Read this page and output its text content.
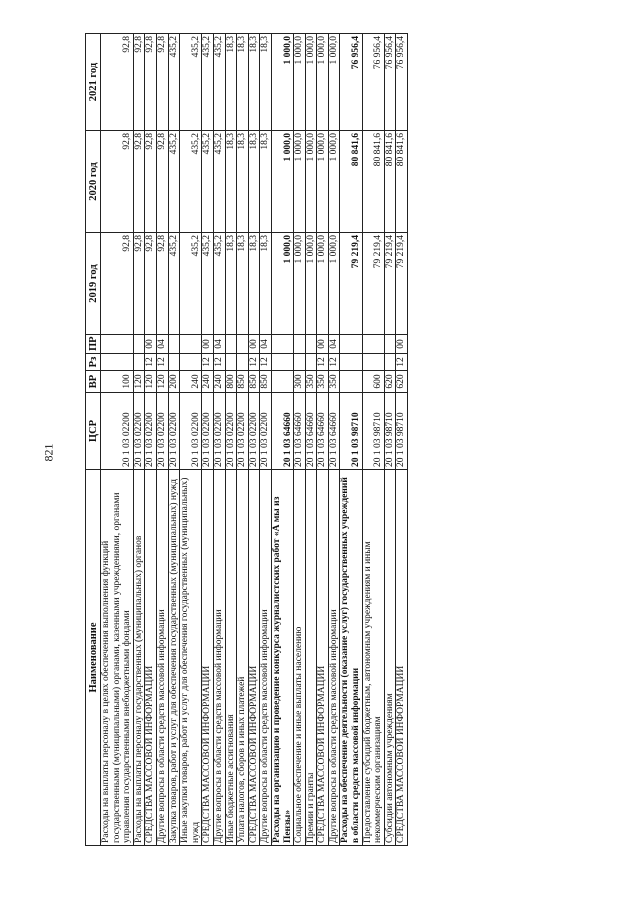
821
Наименование	ЦСР	ВР	Рз	ПР	2019 год	2020 год	2021 год
Расходы на выплаты персоналу в целях обеспечения выполнения функций государственными (муниципальными) органами, казенными учреждениями, органами управления государственными внебюджетными фондами	20 1 03 02200	100			92,8	92,8	92,8
Расходы на выплаты персоналу государственных (муниципальных) органов	20 1 03 02200	120			92,8	92,8	92,8
СРЕДСТВА МАССОВОЙ ИНФОРМАЦИИ	20 1 03 02200	120	12	00	92,8	92,8	92,8
Другие вопросы в области средств массовой информации	20 1 03 02200	120	12	04	92,8	92,8	92,8
Закупка товаров, работ и услуг для обеспечения государственных (муниципальных) нужд	20 1 03 02200	200			435,2	435,2	435,2
Иные закупки товаров, работ и услуг для обеспечения государственных (муниципальных) нужд	20 1 03 02200	240			435,2	435,2	435,2
СРЕДСТВА МАССОВОЙ ИНФОРМАЦИИ	20 1 03 02200	240	12	00	435,2	435,2	435,2
Другие вопросы в области средств массовой информации	20 1 03 02200	240	12	04	435,2	435,2	435,2
Иные бюджетные ассигнования	20 1 03 02200	800			18,3	18,3	18,3
Уплата налогов, сборов и иных платежей	20 1 03 02200	850			18,3	18,3	18,3
СРЕДСТВА МАССОВОЙ ИНФОРМАЦИИ	20 1 03 02200	850	12	00	18,3	18,3	18,3
Другие вопросы в области средств массовой информации	20 1 03 02200	850	12	04	18,3	18,3	18,3
Расходы на организацию и проведение конкурса журналистских работ «А мы из Пензы»	20 1 03 64660				1 000,0	1 000,0	1 000,0
Социальное обеспечение и иные выплаты населению	20 1 03 64660	300			1 000,0	1 000,0	1 000,0
Премии и гранты	20 1 03 64660	350			1 000,0	1 000,0	1 000,0
СРЕДСТВА МАССОВОЙ ИНФОРМАЦИИ	20 1 03 64660	350	12	00	1 000,0	1 000,0	1 000,0
Другие вопросы в области средств массовой информации	20 1 03 64660	350	12	04	1 000,0	1 000,0	1 000,0
Расходы на обеспечение деятельности (оказание услуг) государственных учреждений в области средств массовой информации	20 1 03 98710				79 219,4	80 841,6	76 956,4
Предоставление субсидий бюджетным, автономным учреждениям и иным некоммерческим организациям	20 1 03 98710	600			79 219,4	80 841,6	76 956,4
Субсидии автономным учреждениям	20 1 03 98710	620			79 219,4	80 841,6	76 956,4
СРЕДСТВА МАССОВОЙ ИНФОРМАЦИИ	20 1 03 98710	620	12	00	79 219,4	80 841,6	76 956,4
